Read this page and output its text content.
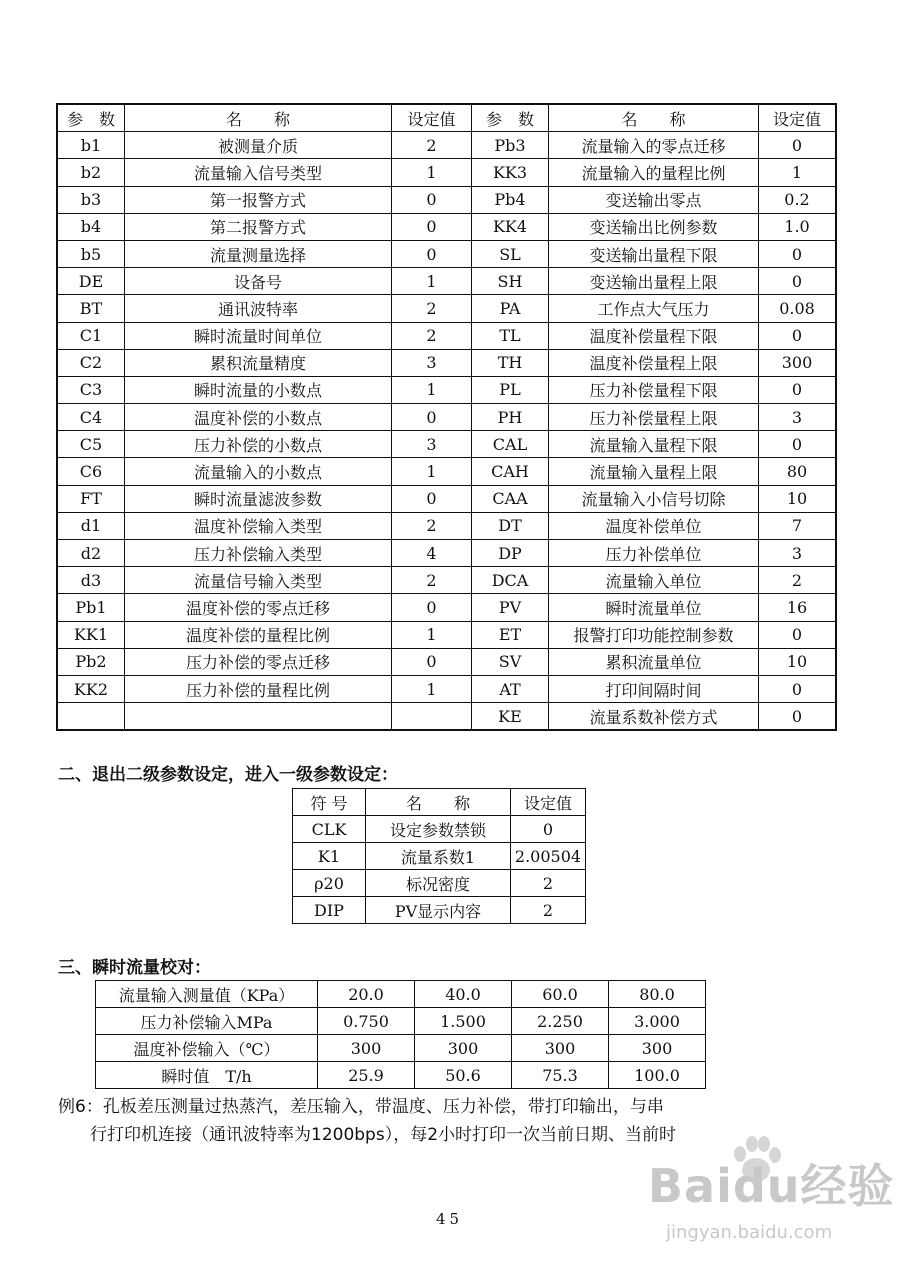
参　数	名　　称	设定值	参　数	名　　称	设定值
b1	被测量介质	2	Pb3	流量输入的零点迁移	0
b2	流量输入信号类型	1	KK3	流量输入的量程比例	1
b3	第一报警方式	0	Pb4	变送输出零点	0.2
b4	第二报警方式	0	KK4	变送输出比例参数	1.0
b5	流量测量选择	0	SL	变送输出量程下限	0
DE	设备号	1	SH	变送输出量程上限	0
BT	通讯波特率	2	PA	工作点大气压力	0.08
C1	瞬时流量时间单位	2	TL	温度补偿量程下限	0
C2	累积流量精度	3	TH	温度补偿量程上限	300
C3	瞬时流量的小数点	1	PL	压力补偿量程下限	0
C4	温度补偿的小数点	0	PH	压力补偿量程上限	3
C5	压力补偿的小数点	3	CAL	流量输入量程下限	0
C6	流量输入的小数点	1	CAH	流量输入量程上限	80
FT	瞬时流量滤波参数	0	CAA	流量输入小信号切除	10
d1	温度补偿输入类型	2	DT	温度补偿单位	7
d2	压力补偿输入类型	4	DP	压力补偿单位	3
d3	流量信号输入类型	2	DCA	流量输入单位	2
Pb1	温度补偿的零点迁移	0	PV	瞬时流量单位	16
KK1	温度补偿的量程比例	1	ET	报警打印功能控制参数	0
Pb2	压力补偿的零点迁移	0	SV	累积流量单位	10
KK2	压力补偿的量程比例	1	AT	打印间隔时间	0
			KE	流量系数补偿方式	0
二、退出二级参数设定，进入一级参数设定：
符 号	名　　称	设定值
CLK	设定参数禁锁	0
K1	流量系数1	2.00504
ρ20	标况密度	2
DIP	PV显示内容	2
三、瞬时流量校对：
流量输入测量值（KPa）	20.0	40.0	60.0	80.0
压力补偿输入MPa	0.750	1.500	2.250	3.000
温度补偿输入（℃）	300	300	300	300
瞬时值　T/h	25.9	50.6	75.3	100.0
例6：孔板差压测量过热蒸汽，差压输入，带温度、压力补偿，带打印输出，与串
行打印机连接（通讯波特率为1200bps），每2小时打印一次当前日期、当前时
45
Baidu经验
jingyan.baidu.com
